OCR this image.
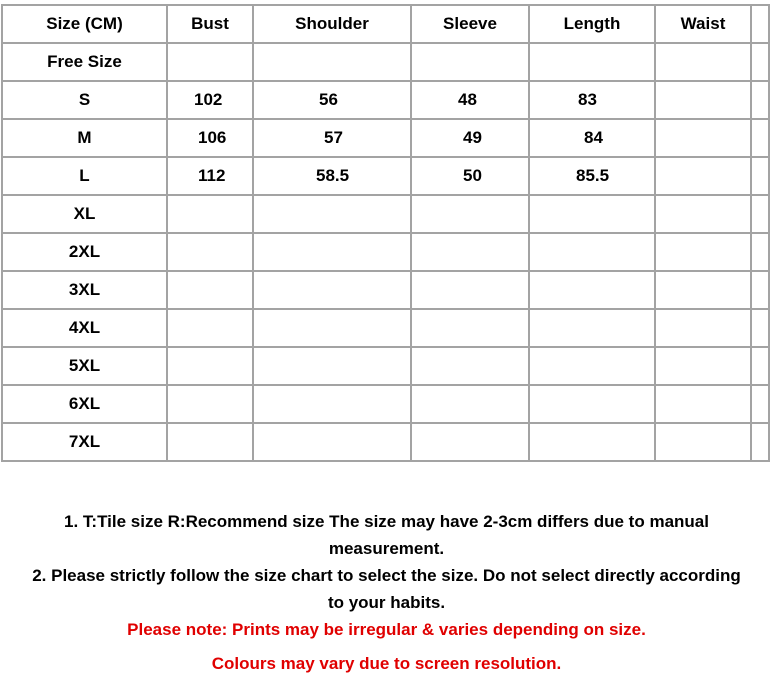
Size (CM)	Bust	Shoulder	Sleeve	Length	Waist	
Free Size						
S	102	56	48	83		
M	106	57	49	84		
L	112	58.5	50	85.5		
XL						
2XL						
3XL						
4XL						
5XL						
6XL						
7XL						

1. T:Tile size R:Recommend size The size may have 2-3cm differs due to manual measurement.

2. Please strictly follow the size chart to select the size. Do not select directly according to your habits.

Please note: Prints may be irregular & varies depending on size.

Colours may vary due to screen resolution.
